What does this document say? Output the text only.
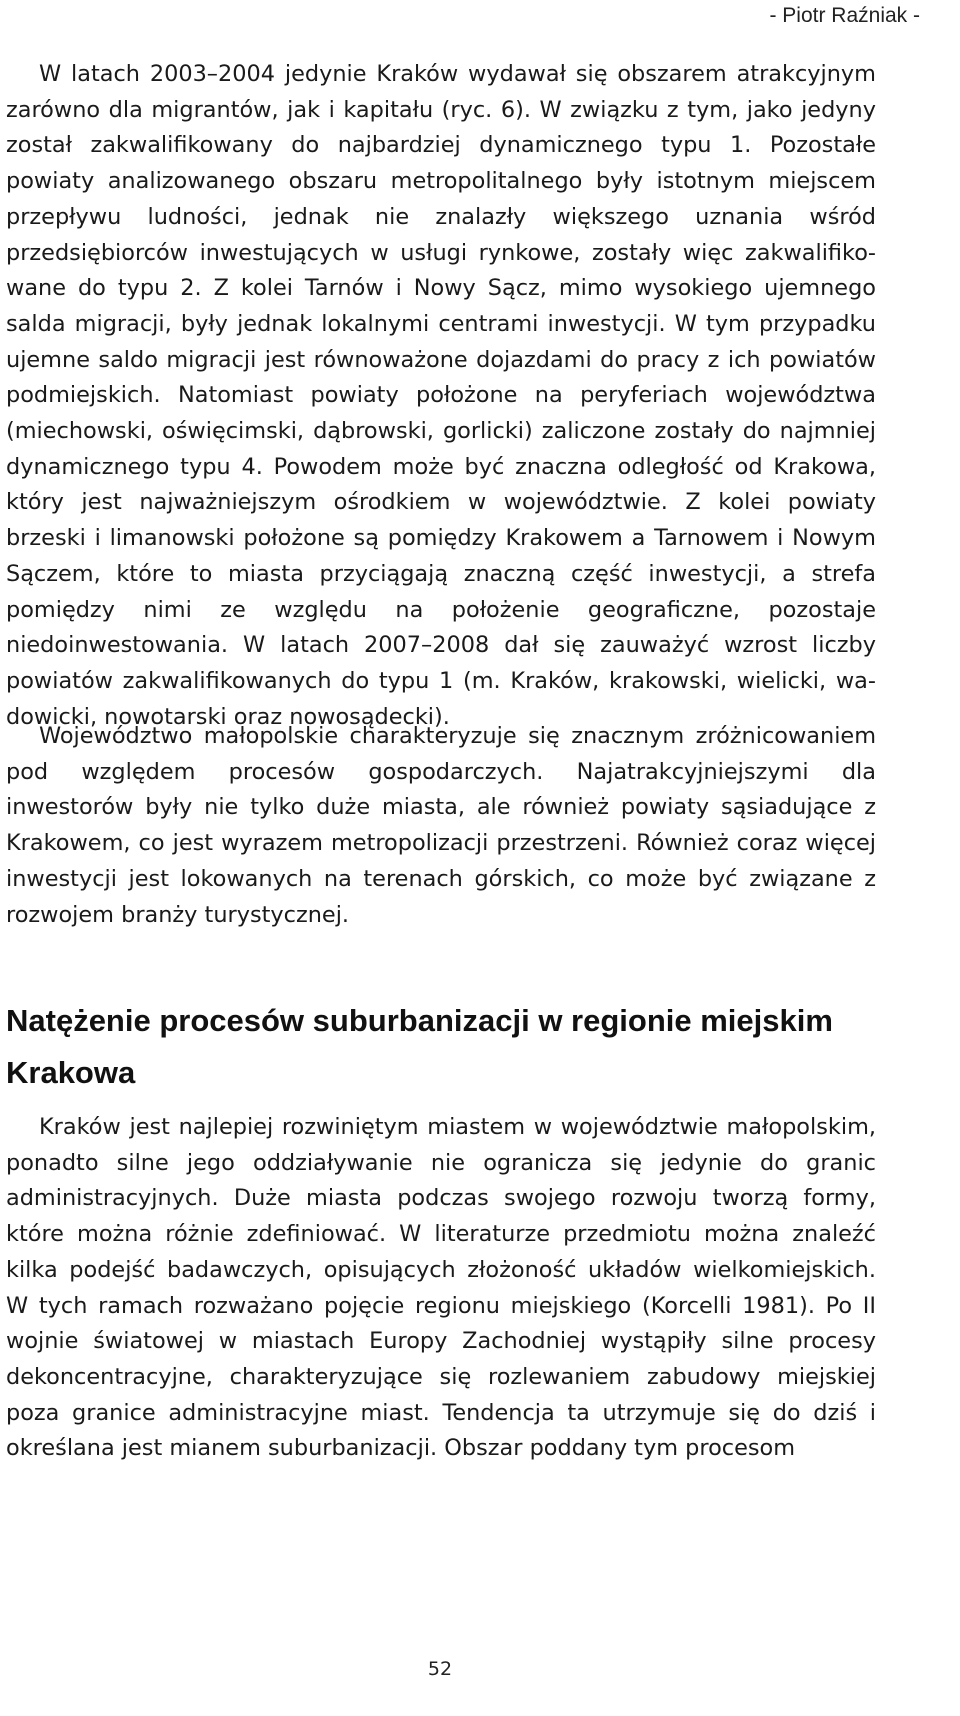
- Piotr Raźniak -

W latach 2003–2004 jedynie Kraków wydawał się obszarem atrakcyjnym zarówno dla migrantów, jak i kapitału (ryc. 6). W związku z tym, jako jedyny został zakwalifikowany do najbardziej dynamicznego typu 1. Pozostałe powiaty analizowanego obszaru metropolitalnego były istotnym miejscem przepływu ludności, jednak nie znalazły większego uznania wśród przedsiębiorców inwestujących w usługi rynkowe, zostały więc zakwalifikowane do typu 2. Z kolei Tarnów i Nowy Sącz, mimo wysokiego ujemnego salda migracji, były jednak lokalnymi centrami inwestycji. W tym przypadku ujemne saldo migracji jest równoważone dojazdami do pracy z ich powiatów podmiejskich. Natomiast powiaty położone na peryferiach województwa (miechowski, oświęcimski, dąbrowski, gorlicki) zaliczone zostały do najmniej dynamicznego typu 4. Powodem może być znaczna odległość od Krakowa, który jest najważniejszym ośrodkiem w województwie. Z kolei powiaty brzeski i limanowski położone są pomiędzy Krakowem a Tarnowem i Nowym Sączem, które to miasta przyciągają znaczną część inwestycji, a strefa pomiędzy nimi ze względu na położenie geograficzne, pozostaje niedoinwestowania. W latach 2007–2008 dał się zauważyć wzrost liczby powiatów zakwalifikowanych do typu 1 (m. Kraków, krakowski, wielicki, wadowicki, nowotarski oraz nowosądecki).

Województwo małopolskie charakteryzuje się znacznym zróżnicowaniem pod względem procesów gospodarczych. Najatrakcyjniejszymi dla inwestorów były nie tylko duże miasta, ale również powiaty sąsiadujące z Krakowem, co jest wyrazem metropolizacji przestrzeni. Również coraz więcej inwestycji jest lokowanych na terenach górskich, co może być związane z rozwojem branży turystycznej.

Natężenie procesów suburbanizacji w regionie miejskim Krakowa

Kraków jest najlepiej rozwiniętym miastem w województwie małopolskim, ponadto silne jego oddziaływanie nie ogranicza się jedynie do granic administracyjnych. Duże miasta podczas swojego rozwoju tworzą formy, które można różnie zdefiniować. W literaturze przedmiotu można znaleźć kilka podejść badawczych, opisujących złożoność układów wielkomiejskich. W tych ramach rozważano pojęcie regionu miejskiego (Korcelli 1981). Po II wojnie światowej w miastach Europy Zachodniej wystąpiły silne procesy dekoncentracyjne, charakteryzujące się rozlewaniem zabudowy miejskiej poza granice administracyjne miast. Tendencja ta utrzymuje się do dziś i określana jest mianem suburbanizacji. Obszar poddany tym procesom

52
